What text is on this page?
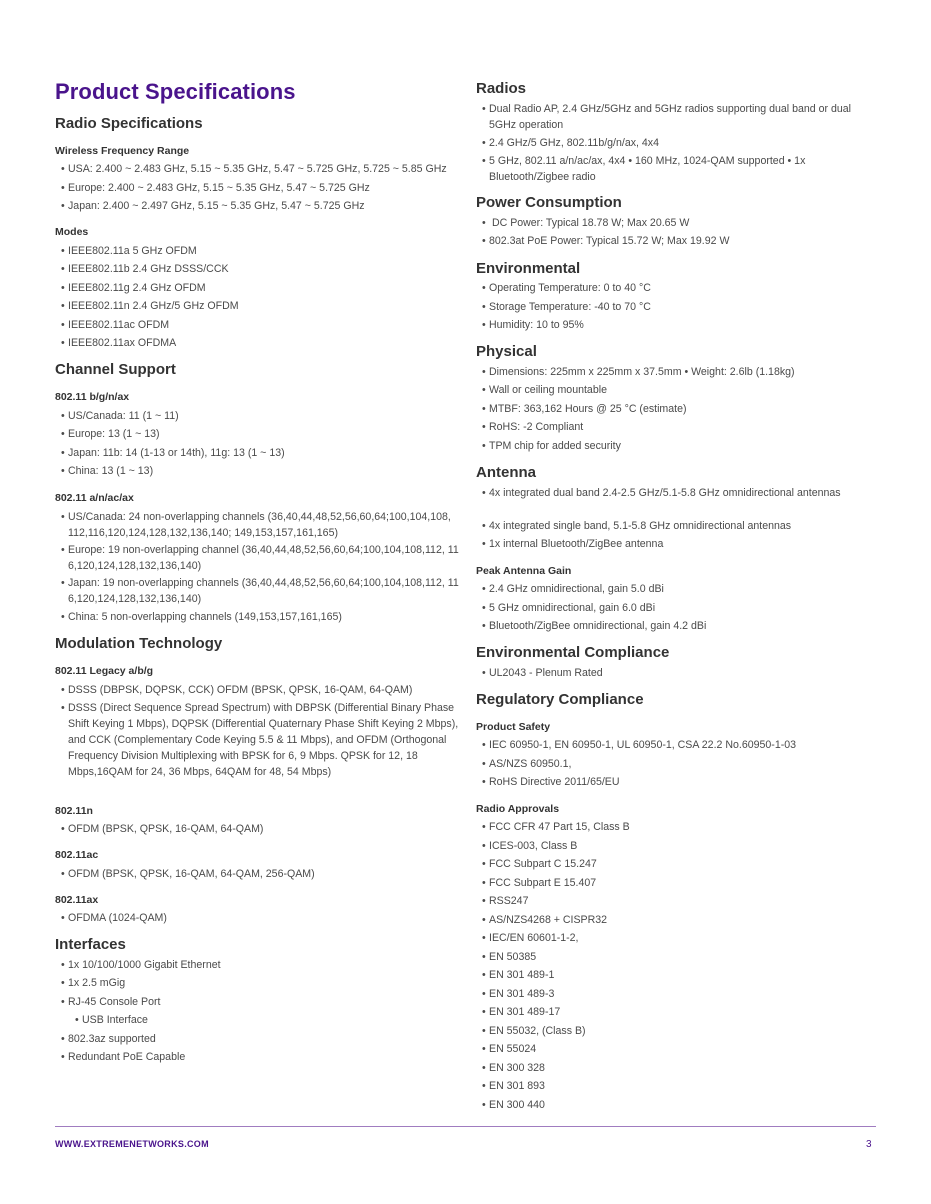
Product Specifications
Radio Specifications
Wireless Frequency Range
• USA: 2.400 ~ 2.483 GHz, 5.15 ~ 5.35 GHz, 5.47 ~ 5.725 GHz, 5.725 ~ 5.85 GHz
• Europe: 2.400 ~ 2.483 GHz, 5.15 ~ 5.35 GHz, 5.47 ~ 5.725 GHz
• Japan: 2.400 ~ 2.497 GHz, 5.15 ~ 5.35 GHz, 5.47 ~ 5.725 GHz
Modes
• IEEE802.11a 5 GHz OFDM
• IEEE802.11b 2.4 GHz DSSS/CCK
• IEEE802.11g 2.4 GHz OFDM
• IEEE802.11n 2.4 GHz/5 GHz OFDM
• IEEE802.11ac OFDM
• IEEE802.11ax OFDMA
Channel Support
802.11 b/g/n/ax
• US/Canada: 11 (1 ~ 11)
• Europe: 13 (1 ~ 13)
• Japan: 11b: 14 (1-13 or 14th), 11g: 13 (1 ~ 13)
• China: 13 (1 ~ 13)
802.11 a/n/ac/ax
• US/Canada: 24 non-overlapping channels (36,40,44,48,52,56,60,64;100,104,108, 112,116,120,124,128,132,136,140; 149,153,157,161,165)
• Europe: 19 non-overlapping channel (36,40,44,48,52,56,60,64;100,104,108,112, 116,120,124,128,132,136,140)
• Japan: 19 non-overlapping channels (36,40,44,48,52,56,60,64;100,104,108,112, 116,120,124,128,132,136,140)
• China: 5 non-overlapping channels (149,153,157,161,165)
Modulation Technology
802.11 Legacy a/b/g
• DSSS (DBPSK, DQPSK, CCK) OFDM (BPSK, QPSK, 16-QAM, 64-QAM)
• DSSS (Direct Sequence Spread Spectrum) with DBPSK (Differential Binary Phase Shift Keying 1 Mbps), DQPSK (Differential Quaternary Phase Shift Keying 2 Mbps), and CCK (Complementary Code Keying 5.5 & 11 Mbps), and OFDM (Orthogonal Frequency Division Multiplexing with BPSK for 6, 9 Mbps. QPSK for 12, 18 Mbps,16QAM for 24, 36 Mbps, 64QAM for 48, 54 Mbps)
802.11n
• OFDM (BPSK, QPSK, 16-QAM, 64-QAM)
802.11ac
• OFDM (BPSK, QPSK, 16-QAM, 64-QAM, 256-QAM)
802.11ax
• OFDMA (1024-QAM)
Interfaces
• 1x 10/100/1000 Gigabit Ethernet
• 1x 2.5 mGig
• RJ-45 Console Port
• USB Interface
• 802.3az supported
• Redundant PoE Capable
Radios
• Dual Radio AP, 2.4 GHz/5GHz and 5GHz radios supporting dual band or dual 5GHz operation
• 2.4 GHz/5 GHz, 802.11b/g/n/ax, 4x4
• 5 GHz, 802.11 a/n/ac/ax, 4x4 • 160 MHz, 1024-QAM supported • 1x Bluetooth/Zigbee radio
Power Consumption
•  DC Power: Typical 18.78 W; Max 20.65 W
• 802.3at PoE Power: Typical 15.72 W; Max 19.92 W
Environmental
• Operating Temperature: 0 to 40 °C
• Storage Temperature: -40 to 70 °C
• Humidity: 10 to 95%
Physical
• Dimensions: 225mm x 225mm x 37.5mm • Weight: 2.6lb (1.18kg)
• Wall or ceiling mountable
• MTBF: 363,162 Hours @ 25 °C (estimate)
• RoHS: -2 Compliant
• TPM chip for added security
Antenna
• 4x integrated dual band 2.4-2.5 GHz/5.1-5.8 GHz omnidirectional antennas
• 4x integrated single band, 5.1-5.8 GHz omnidirectional antennas
• 1x internal Bluetooth/ZigBee antenna
Peak Antenna Gain
• 2.4 GHz omnidirectional, gain 5.0 dBi
• 5 GHz omnidirectional, gain 6.0 dBi
• Bluetooth/ZigBee omnidirectional, gain 4.2 dBi
Environmental Compliance
• UL2043 - Plenum Rated
Regulatory Compliance
Product Safety
• IEC 60950-1, EN 60950-1, UL 60950-1, CSA 22.2 No.60950-1-03
• AS/NZS 60950.1,
• RoHS Directive 2011/65/EU
Radio Approvals
• FCC CFR 47 Part 15, Class B
• ICES-003, Class B
• FCC Subpart C 15.247
• FCC Subpart E 15.407
• RSS247
• AS/NZS4268 + CISPR32
• IEC/EN 60601-1-2,
• EN 50385
• EN 301 489-1
• EN 301 489-3
• EN 301 489-17
• EN 55032, (Class B)
• EN 55024
• EN 300 328
• EN 301 893
• EN 300 440
WWW.EXTREMENETWORKS.COM	3
